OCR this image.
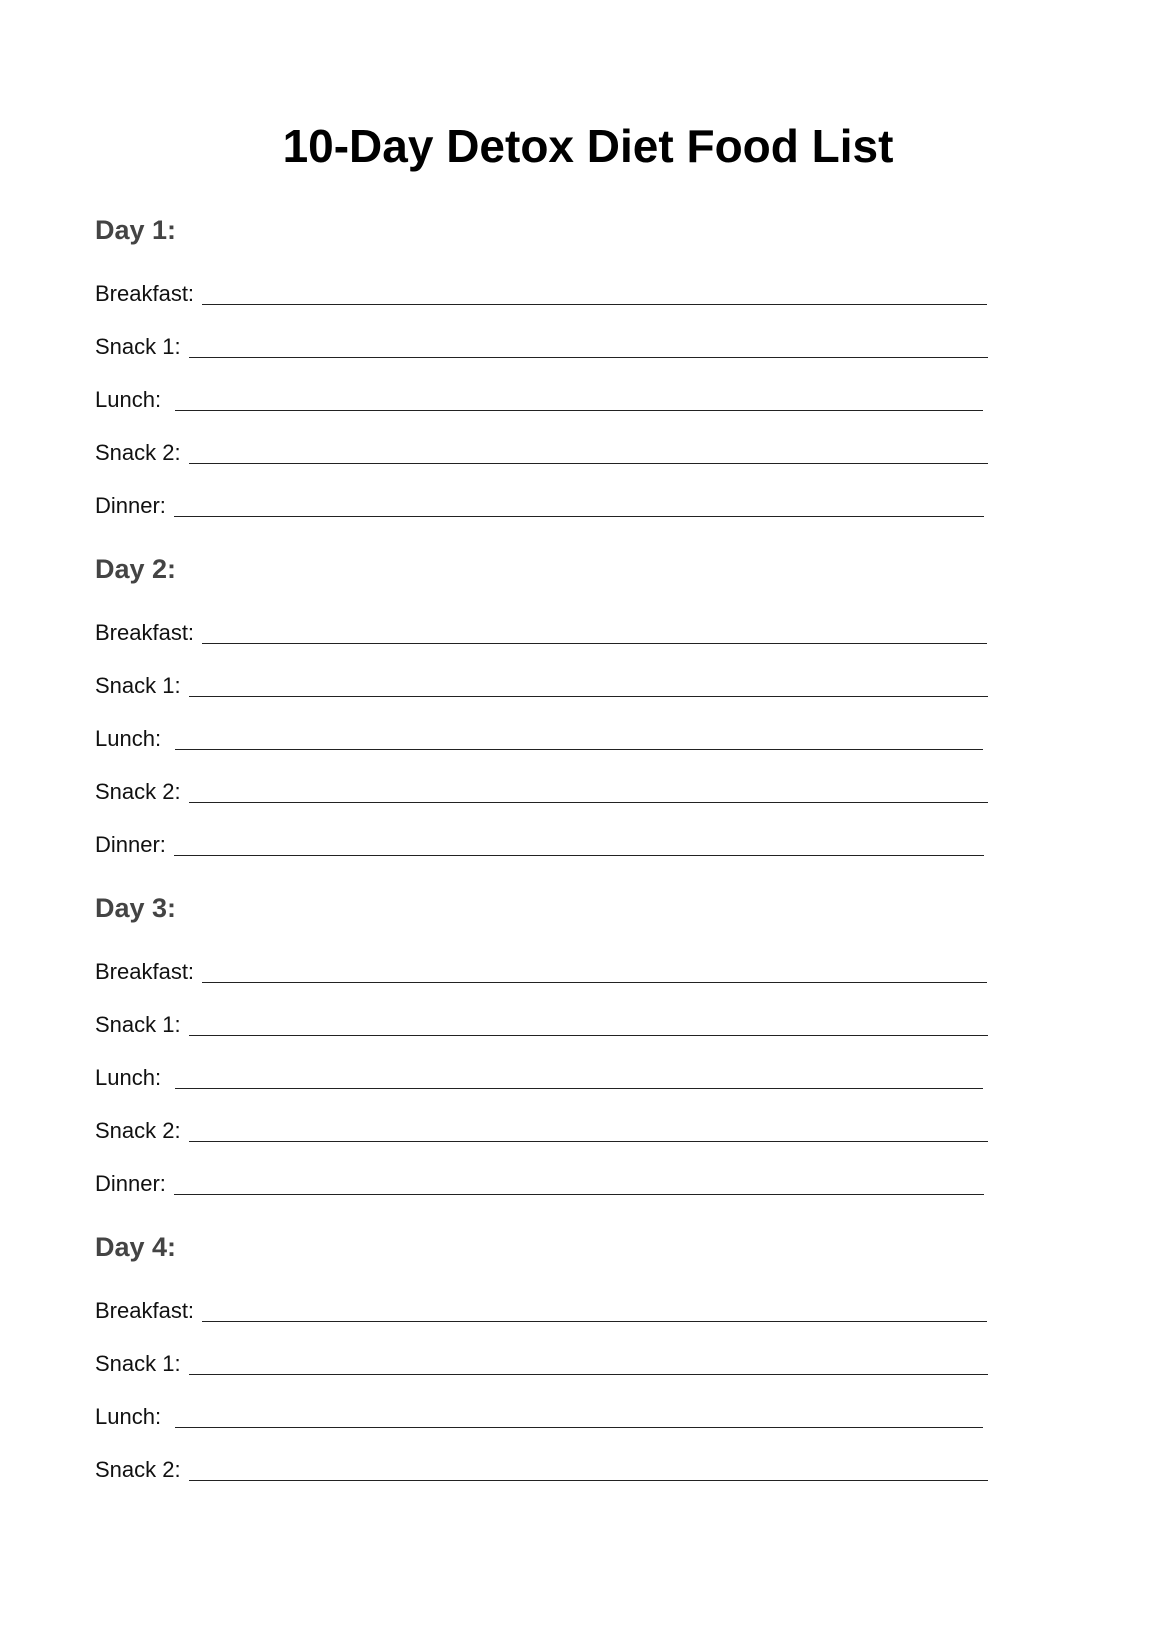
10-Day Detox Diet Food List
Day 1:
Breakfast:
Snack 1:
Lunch:
Snack 2:
Dinner:
Day 2:
Breakfast:
Snack 1:
Lunch:
Snack 2:
Dinner:
Day 3:
Breakfast:
Snack 1:
Lunch:
Snack 2:
Dinner:
Day 4:
Breakfast:
Snack 1:
Lunch:
Snack 2:
